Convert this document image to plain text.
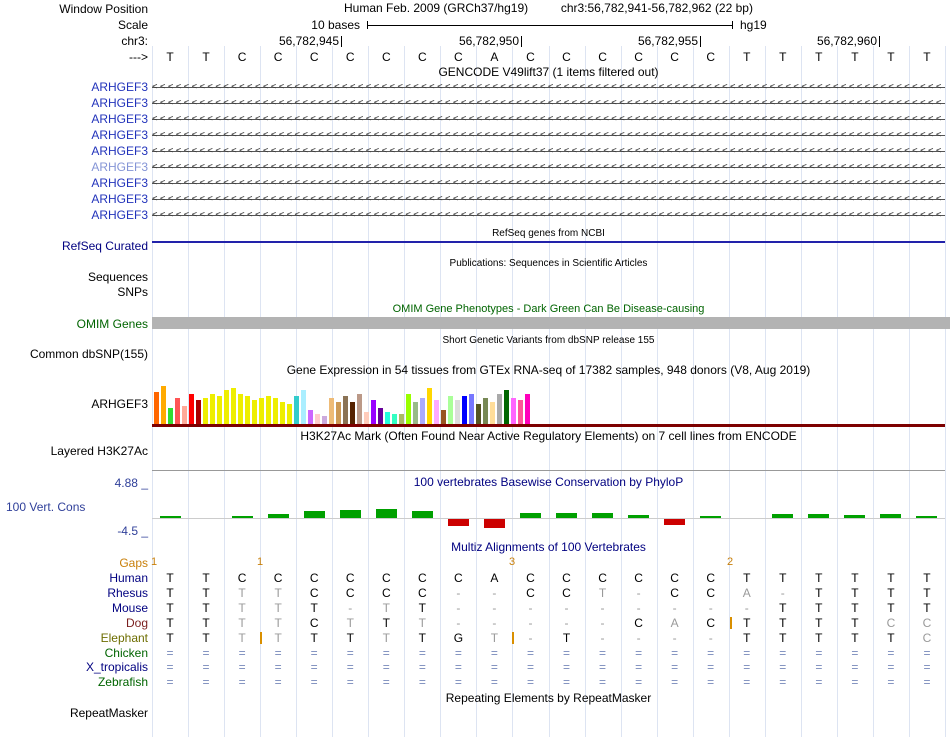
Window Position	Human Feb. 2009 (GRCh37/hg19)	chr3:56,782,941-56,782,962 (22 bp)
Scale	10 bases	hg19
chr3:
--->
GENCODE V49lift37 (1 items filtered out)
RefSeq genes from NCBI
RefSeq Curated
Publications: Sequences in Scientific Articles
Sequences
SNPs
OMIM Gene Phenotypes - Dark Green Can Be Disease-causing
OMIM Genes
Short Genetic Variants from dbSNP release 155
Common dbSNP(155)
Gene Expression in 54 tissues from GTEx RNA-seq of 17382 samples, 948 donors (V8, Aug 2019)
ARHGEF3
H3K27Ac Mark (Often Found Near Active Regulatory Elements) on 7 cell lines from ENCODE
Layered H3K27Ac
4.88 _	100 vertebrates Basewise Conservation by PhyloP
100 Vert. Cons
-4.5 _
Multiz Alignments of 100 Vertebrates
Gaps
Repeating Elements by RepeatMasker
RepeatMasker
56,782,945	56,782,950	56,782,955	56,782,960
T	T	C	C	C	C	C	C	C	A	C	C	C	C	C	C	T	T	T	T	T	T
ARHGEF3 <<<<<<<<<<<<<<<<<<<<<<<<<<<<<<<<<<<<<<<<<<<<<<<<<<<<<<<<<<<<<<<<<<<<<<<<<<<<<<<<<<<<<<<<<<<<<<<<<<<<
ARHGEF3 <<<<<<<<<<<<<<<<<<<<<<<<<<<<<<<<<<<<<<<<<<<<<<<<<<<<<<<<<<<<<<<<<<<<<<<<<<<<<<<<<<<<<<<<<<<<<<<<<<<<
ARHGEF3 <<<<<<<<<<<<<<<<<<<<<<<<<<<<<<<<<<<<<<<<<<<<<<<<<<<<<<<<<<<<<<<<<<<<<<<<<<<<<<<<<<<<<<<<<<<<<<<<<<<<
ARHGEF3 <<<<<<<<<<<<<<<<<<<<<<<<<<<<<<<<<<<<<<<<<<<<<<<<<<<<<<<<<<<<<<<<<<<<<<<<<<<<<<<<<<<<<<<<<<<<<<<<<<<<
ARHGEF3 <<<<<<<<<<<<<<<<<<<<<<<<<<<<<<<<<<<<<<<<<<<<<<<<<<<<<<<<<<<<<<<<<<<<<<<<<<<<<<<<<<<<<<<<<<<<<<<<<<<<
ARHGEF3 <<<<<<<<<<<<<<<<<<<<<<<<<<<<<<<<<<<<<<<<<<<<<<<<<<<<<<<<<<<<<<<<<<<<<<<<<<<<<<<<<<<<<<<<<<<<<<<<<<<<
ARHGEF3 <<<<<<<<<<<<<<<<<<<<<<<<<<<<<<<<<<<<<<<<<<<<<<<<<<<<<<<<<<<<<<<<<<<<<<<<<<<<<<<<<<<<<<<<<<<<<<<<<<<<
ARHGEF3 <<<<<<<<<<<<<<<<<<<<<<<<<<<<<<<<<<<<<<<<<<<<<<<<<<<<<<<<<<<<<<<<<<<<<<<<<<<<<<<<<<<<<<<<<<<<<<<<<<<<
ARHGEF3 <<<<<<<<<<<<<<<<<<<<<<<<<<<<<<<<<<<<<<<<<<<<<<<<<<<<<<<<<<<<<<<<<<<<<<<<<<<<<<<<<<<<<<<<<<<<<<<<<<<<
1	1	3	2
Human	T	T	C	C	C	C	C	C	C	A	C	C	C	C	C	C	T	T	T	T	T	T
Rhesus	T	T	T	T	C	C	C	C	-	-	C	C	T	-	C	C	A	-	T	T	T	T
Mouse	T	T	T	T	T	-	T	T	-	-	-	-	-	-	-	-	-	T	T	T	T	T
Dog	T	T	T	T	C	T	T	T	-	-	-	-	-	C	A	C	T	T	T	T	C	C
Elephant	T	T	T	T	T	T	T	T	G	T	-	T	-	-	-	-	T	T	T	T	T	C
Chicken	=	=	=	=	=	=	=	=	=	=	=	=	=	=	=	=	=	=	=	=	=	=
X_tropicalis	=	=	=	=	=	=	=	=	=	=	=	=	=	=	=	=	=	=	=	=	=	=
Zebrafish	=	=	=	=	=	=	=	=	=	=	=	=	=	=	=	=	=	=	=	=	=	=
